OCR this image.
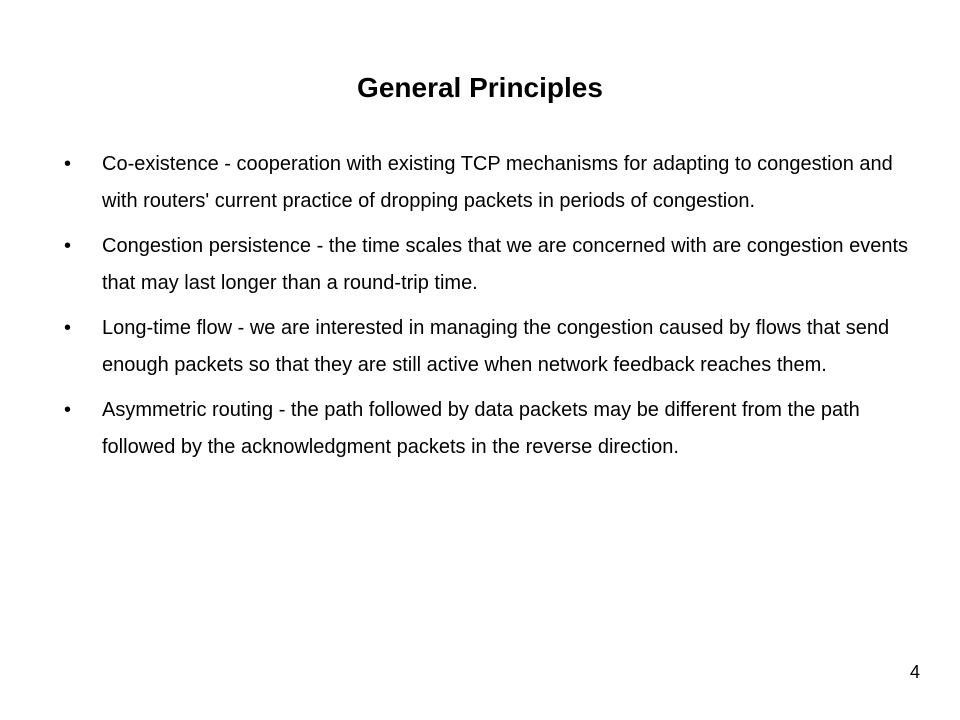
General Principles
• Co-existence - cooperation with existing TCP mechanisms for adapting to congestion and with routers' current practice of dropping packets in periods of congestion.
• Congestion persistence - the time scales that we are concerned with are congestion events that may last longer than a round-trip time.
• Long-time flow - we are interested in managing the congestion caused by flows that send enough packets so that they are still active when network feedback reaches them.
• Asymmetric routing - the path followed by data packets may be different from the path followed by the acknowledgment packets in the reverse direction.
4
